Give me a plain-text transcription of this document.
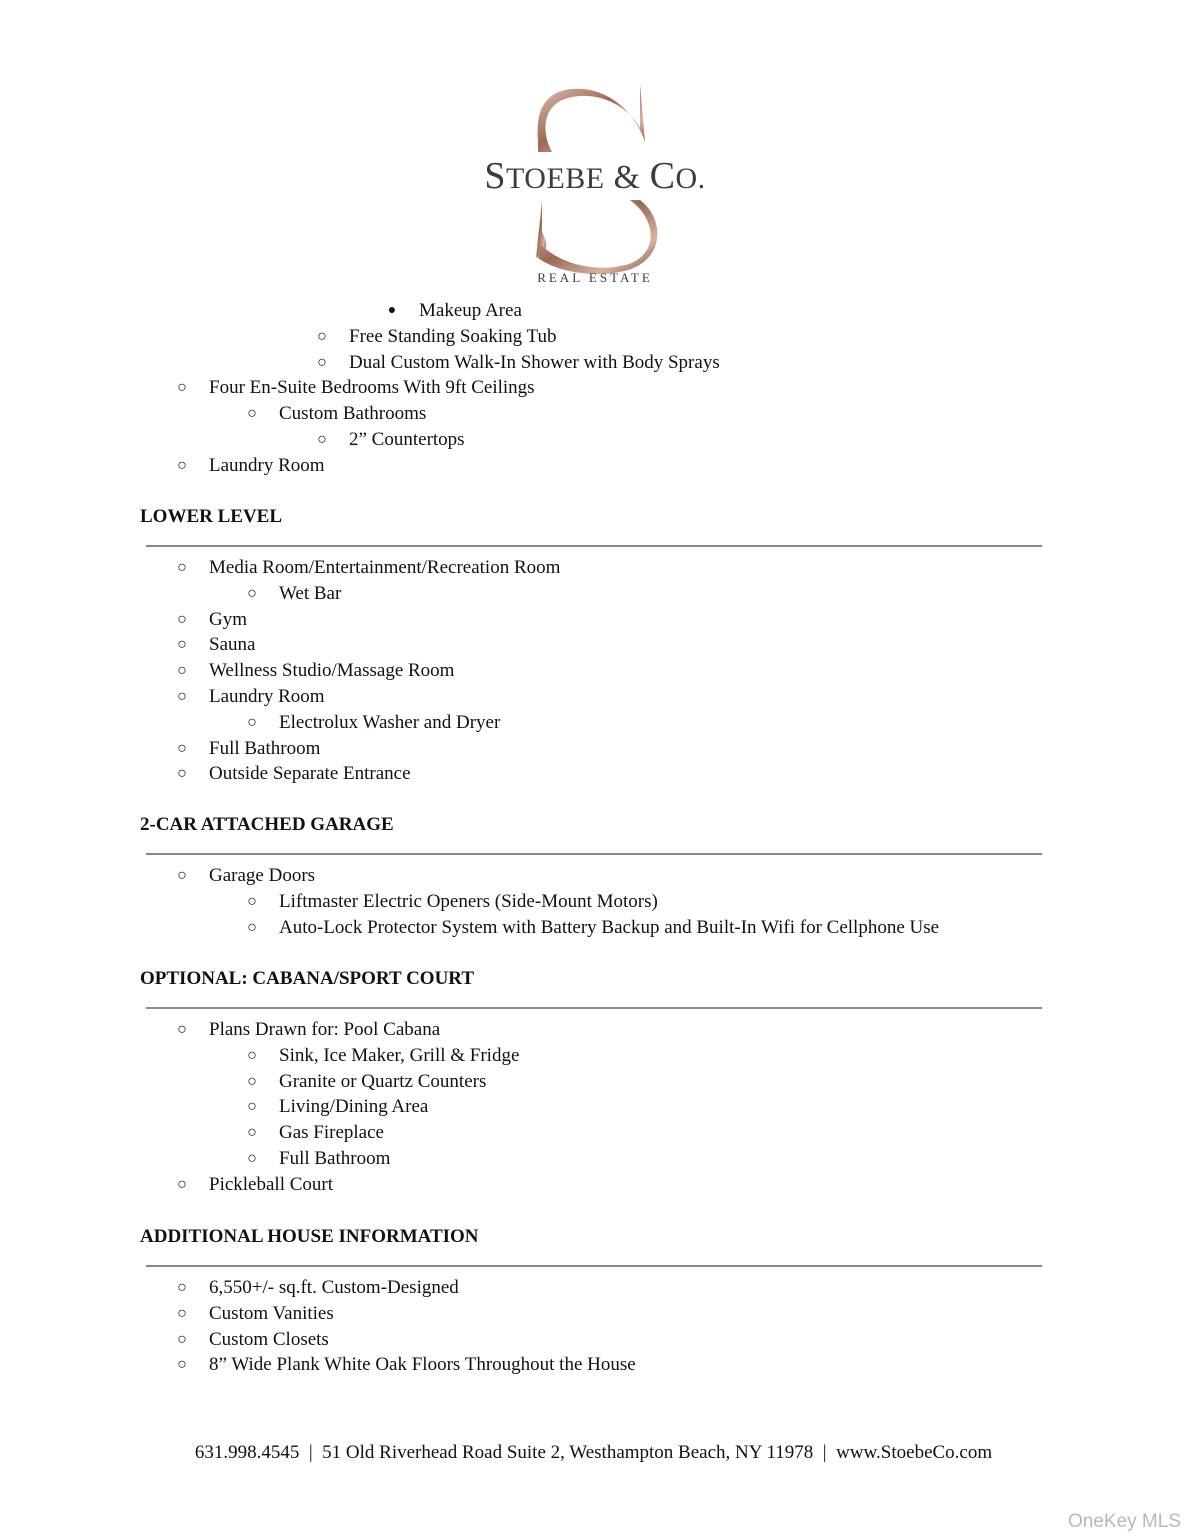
STOEBE & CO.
REAL ESTATE
●	Makeup Area
○ Free Standing Soaking Tub
○ Dual Custom Walk-In Shower with Body Sprays
○ Four En-Suite Bedrooms With 9ft Ceilings
○ Custom Bathrooms
○ 2” Countertops
○ Laundry Room
LOWER LEVEL
○ Media Room/Entertainment/Recreation Room
○ Wet Bar
○ Gym
○ Sauna
○ Wellness Studio/Massage Room
○ Laundry Room
○ Electrolux Washer and Dryer
○ Full Bathroom
○ Outside Separate Entrance
2-CAR ATTACHED GARAGE
○ Garage Doors
○ Liftmaster Electric Openers (Side-Mount Motors)
○ Auto-Lock Protector System with Battery Backup and Built-In Wifi for Cellphone Use
OPTIONAL: CABANA/SPORT COURT
○ Plans Drawn for: Pool Cabana
○ Sink, Ice Maker, Grill & Fridge
○ Granite or Quartz Counters
○ Living/Dining Area
○ Gas Fireplace
○ Full Bathroom
○ Pickleball Court
ADDITIONAL HOUSE INFORMATION
○ 6,550+/- sq.ft. Custom-Designed
○ Custom Vanities
○ Custom Closets
○ 8” Wide Plank White Oak Floors Throughout the House
631.998.4545  |  51 Old Riverhead Road Suite 2, Westhampton Beach, NY 11978  |  www.StoebeCo.com
OneKey MLS
